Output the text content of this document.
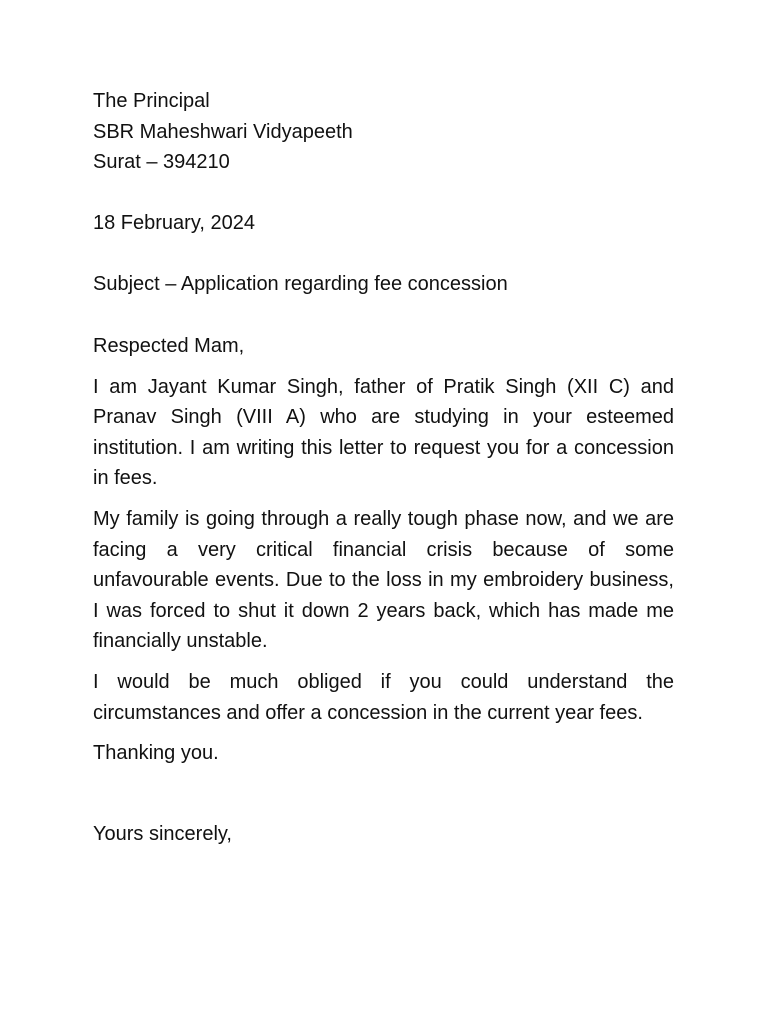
The Principal
SBR Maheshwari Vidyapeeth
Surat – 394210
18 February, 2024
Subject – Application regarding fee concession
Respected Mam,

I am Jayant Kumar Singh, father of Pratik Singh (XII C) and Pranav Singh (VIII A) who are studying in your esteemed institution. I am writing this letter to request you for a concession in fees.

My family is going through a really tough phase now, and we are facing a very critical financial crisis because of some unfavourable events. Due to the loss in my embroidery business, I was forced to shut it down 2 years back, which has made me financially unstable.

I would be much obliged if you could understand the circumstances and offer a concession in the current year fees.

Thanking you.
Yours sincerely,
